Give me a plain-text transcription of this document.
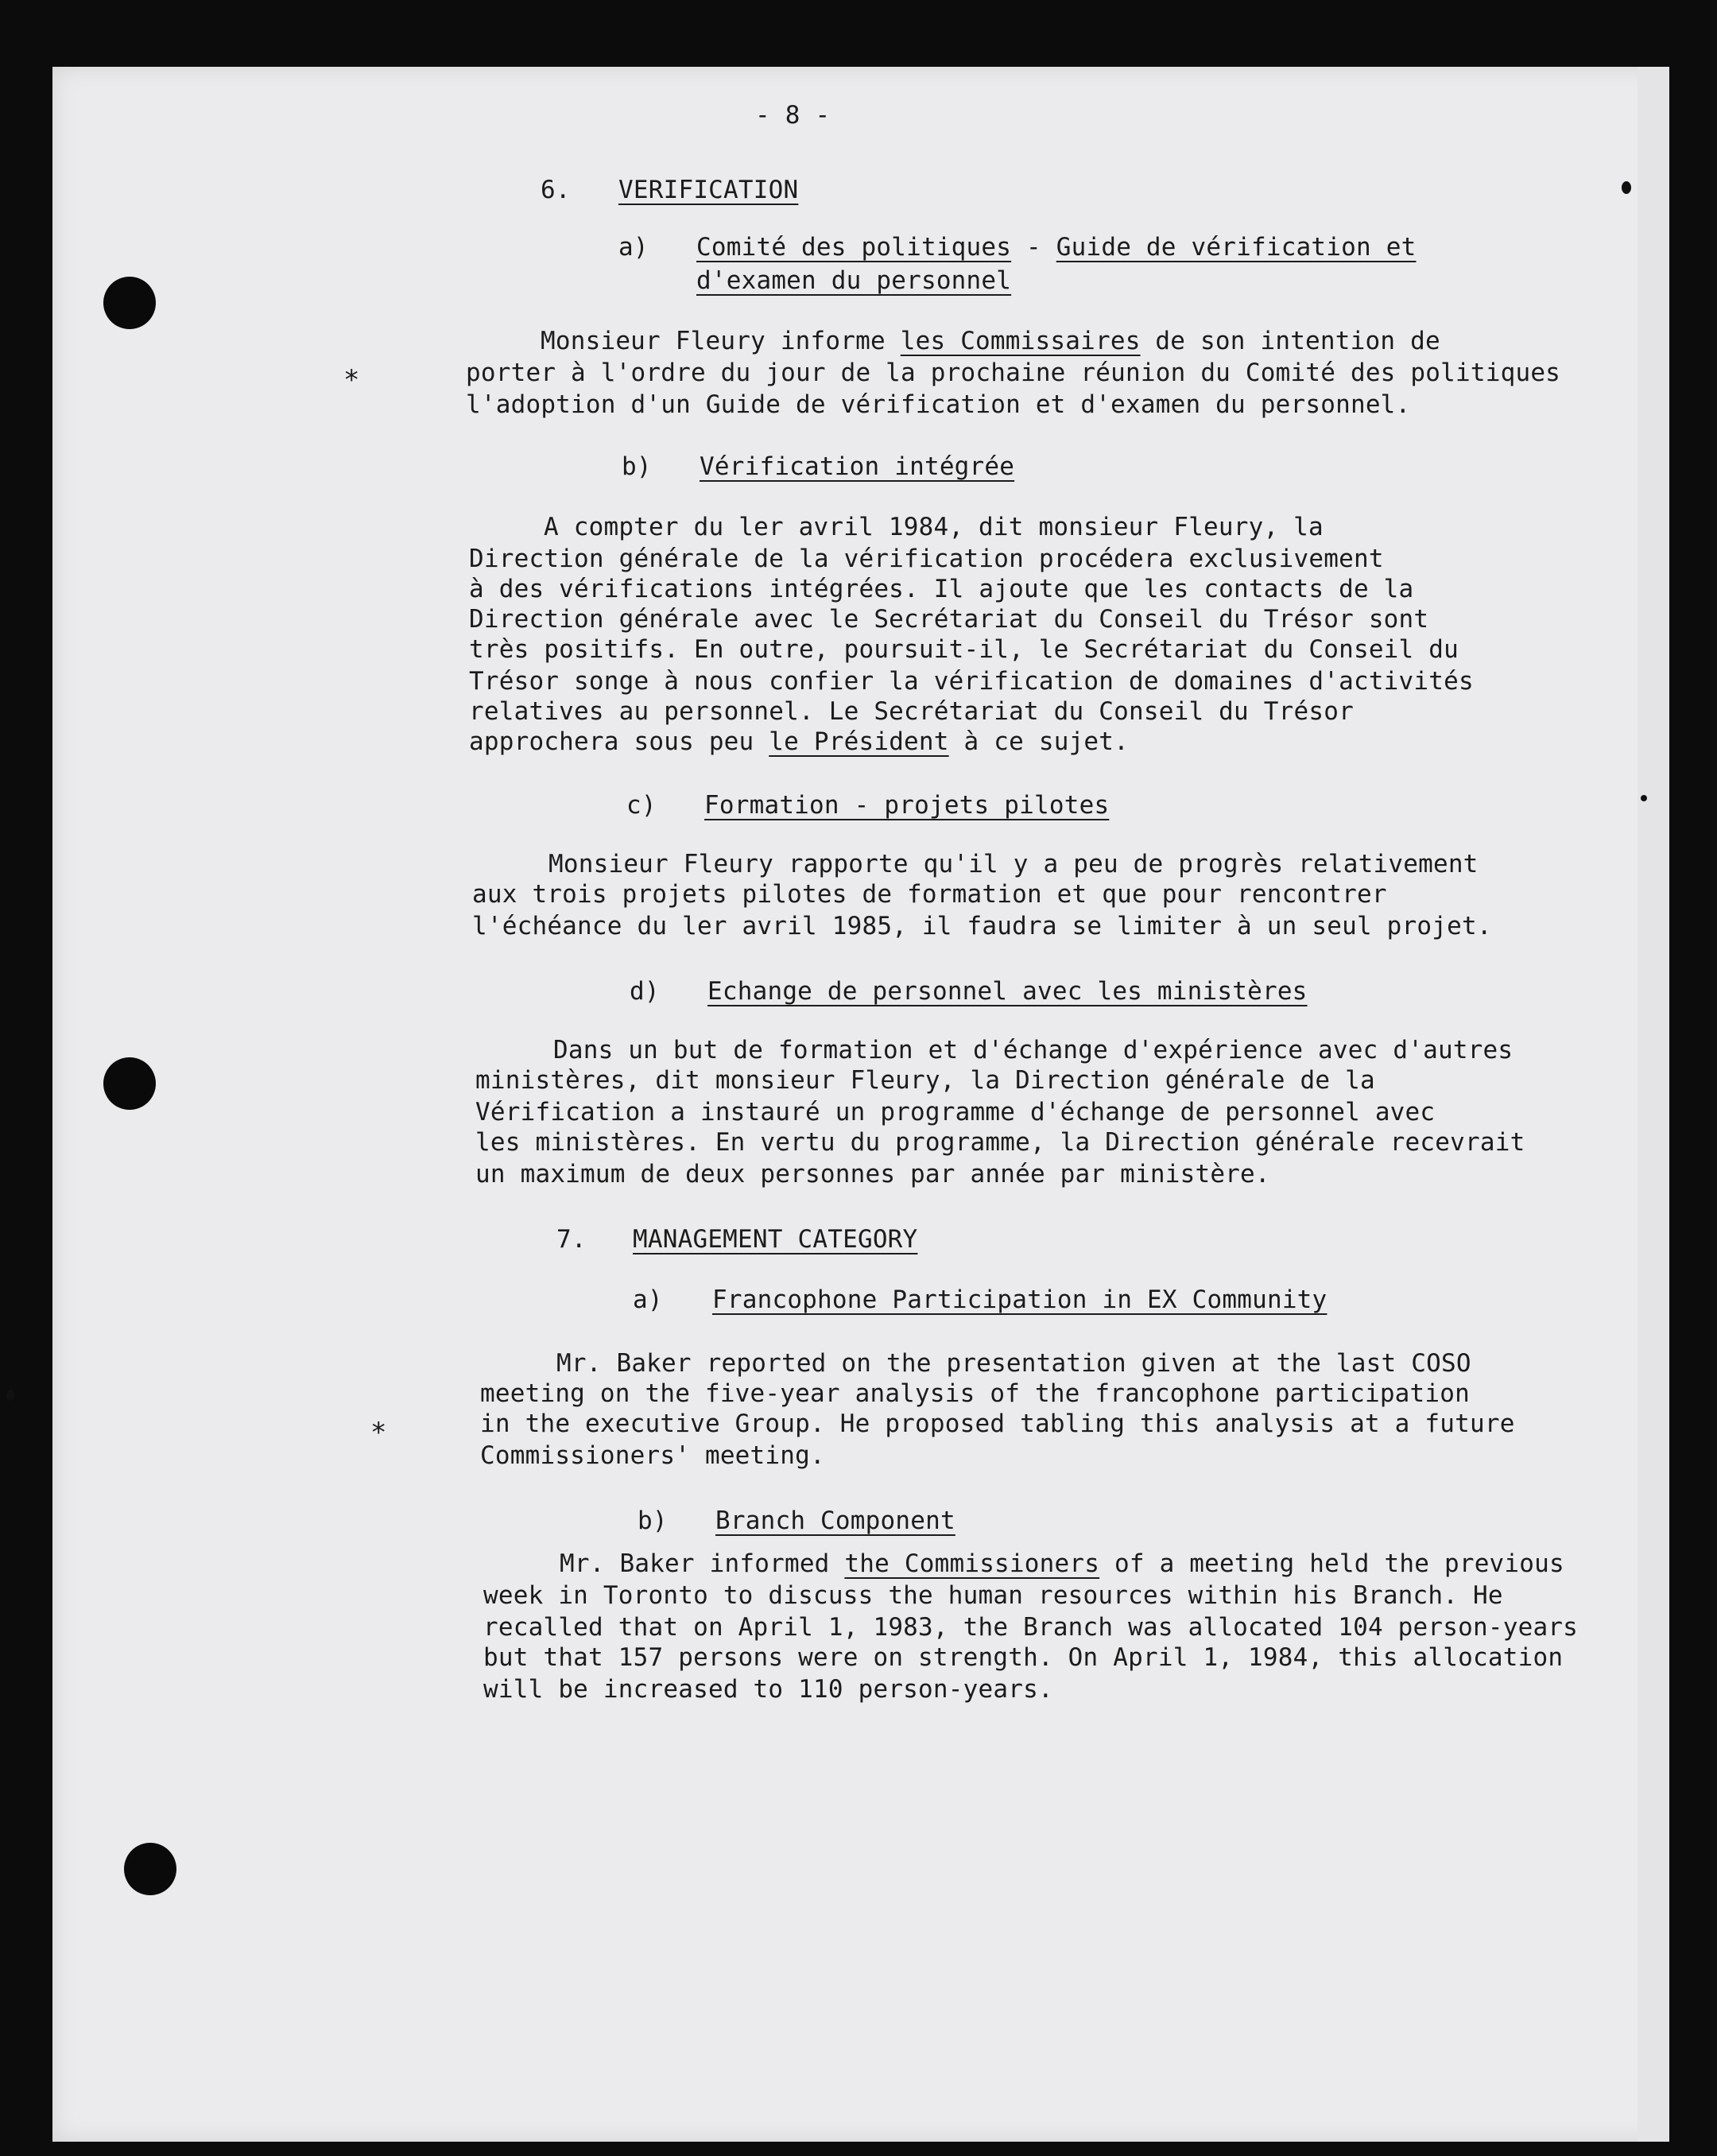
- 8 -
6. VERIFICATION
a) Comité des politiques - Guide de vérification et
d'examen du personnel
Monsieur Fleury informe les Commissaires de son intention de
porter à l'ordre du jour de la prochaine réunion du Comité des politiques
l'adoption d'un Guide de vérification et d'examen du personnel.
*
b) Vérification intégrée
A compter du ler avril 1984, dit monsieur Fleury, la
Direction générale de la vérification procédera exclusivement
à des vérifications intégrées. Il ajoute que les contacts de la
Direction générale avec le Secrétariat du Conseil du Trésor sont
très positifs. En outre, poursuit-il, le Secrétariat du Conseil du
Trésor songe à nous confier la vérification de domaines d'activités
relatives au personnel. Le Secrétariat du Conseil du Trésor
approchera sous peu le Président à ce sujet.
c) Formation - projets pilotes
Monsieur Fleury rapporte qu'il y a peu de progrès relativement
aux trois projets pilotes de formation et que pour rencontrer
l'échéance du ler avril 1985, il faudra se limiter à un seul projet.
d) Echange de personnel avec les ministères
Dans un but de formation et d'échange d'expérience avec d'autres
ministères, dit monsieur Fleury, la Direction générale de la
Vérification a instauré un programme d'échange de personnel avec
les ministères. En vertu du programme, la Direction générale recevrait
un maximum de deux personnes par année par ministère.
7. MANAGEMENT CATEGORY
a) Francophone Participation in EX Community
Mr. Baker reported on the presentation given at the last COSO
meeting on the five-year analysis of the francophone participation
in the executive Group. He proposed tabling this analysis at a future
Commissioners' meeting.
*
b) Branch Component
Mr. Baker informed the Commissioners of a meeting held the previous
week in Toronto to discuss the human resources within his Branch. He
recalled that on April 1, 1983, the Branch was allocated 104 person-years
but that 157 persons were on strength. On April 1, 1984, this allocation
will be increased to 110 person-years.
